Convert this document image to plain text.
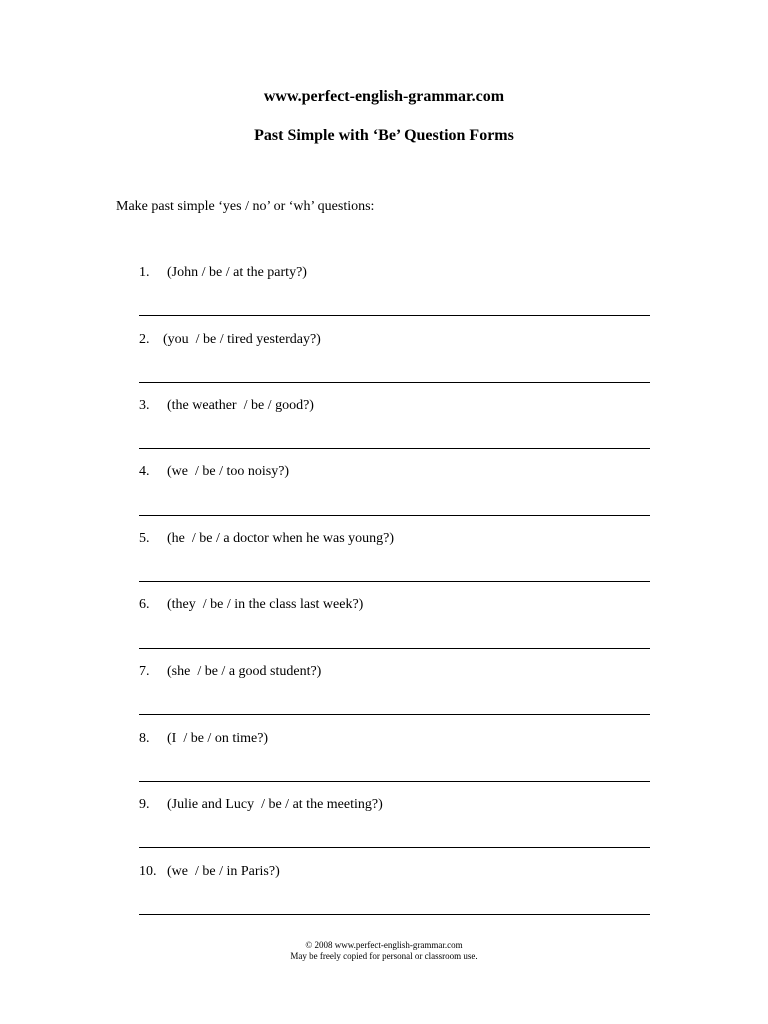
www.perfect-english-grammar.com
Past Simple with ‘Be’ Question Forms
Make past simple ‘yes / no’ or ‘wh’ questions:
1. (John / be / at the party?)
2. (you  / be / tired yesterday?)
3. (the weather  / be / good?)
4. (we  / be / too noisy?)
5. (he  / be / a doctor when he was young?)
6. (they  / be / in the class last week?)
7. (she  / be / a good student?)
8. (I  / be / on time?)
9. (Julie and Lucy  / be / at the meeting?)
10. (we  / be / in Paris?)
© 2008 www.perfect-english-grammar.com
May be freely copied for personal or classroom use.
